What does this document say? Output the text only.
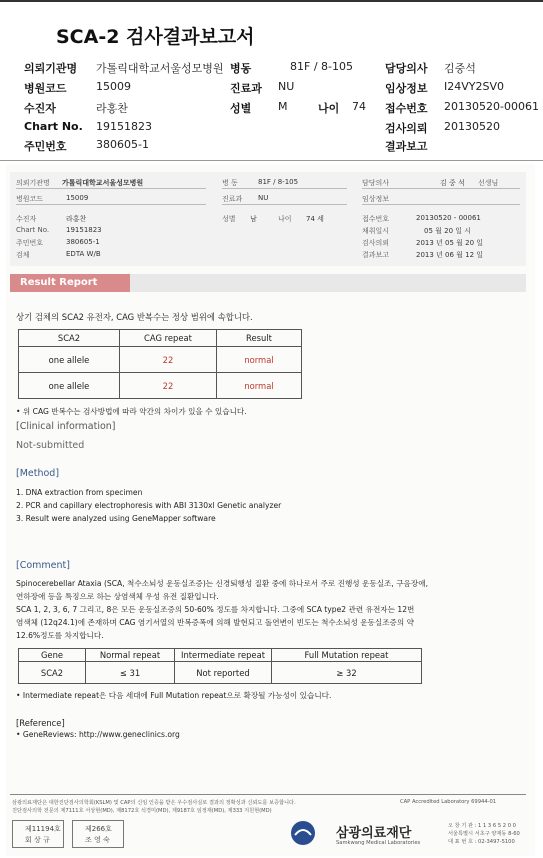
SCA-2 검사결과보고서
의뢰기관명 가톨릭대학교서울성모병원 병동	81F / 8-105	담당의사 김중석
병원코드	15009	진료과 NU	임상정보 I24VY2SV0
수진자	라홍찬	성별 M	나이 74 접수번호 20130520-00061
Chart No. 19151823	검사의뢰 20130520
주민번호	380605-1	결과보고
의뢰기관명 가톨릭대학교서울성모병원	병 동	81F / 8-105	담당의사	김 중 석 선생님
병원코드	15009	진료과 NU	임상정보
수진자	라홍찬	성별 남	나이 74 세	접수번호	20130520 - 00061
Chart No. 19151823	채취일시	05 월 20 일 시
주민번호	380605-1	검사의뢰	2013 년 05 월 20 일
검체	EDTA W/B	결과보고	2013 년 06 월 12 일
Result Report
상기 검체의 SCA2 유전자, CAG 반복수는 정상 범위에 속합니다.
SCA2	CAG repeat	Result
one allele	22	normal
one allele	22	normal
• 위 CAG 반복수는 검사방법에 따라 약간의 차이가 있을 수 있습니다.
[Clinical information]
Not-submitted
[Method]
1. DNA extraction from specimen
2. PCR and capillary electrophoresis with ABI 3130xl Genetic analyzer
3. Result were analyzed using GeneMapper software
[Comment]
Spinocerebellar Ataxia (SCA, 척수소뇌성 운동실조증)는 신경퇴행성 질환 중에 하나로서 주로 진행성 운동실조, 구음장애,
연하장애 등을 특징으로 하는 상염색체 우성 유전 질환입니다.
SCA 1, 2, 3, 6, 7 그리고, 8은 모든 운동실조증의 50-60% 정도를 차지합니다. 그중에 SCA type2 관련 유전자는 12번
염색체 (12q24.1)에 존재하며 CAG 염기서열의 반복증폭에 의해 발현되고 돌연변이 빈도는 척수소뇌성 운동실조증의 약
12.6%정도를 차지합니다.
Gene	Normal repeat	Intermediate repeat	Full Mutation repeat
SCA2	≤ 31	Not reported	≥ 32
• Intermediate repeat은 다음 세대에 Full Mutation repeat으로 확장될 가능성이 있습니다.
[Reference]
• GeneReviews: http://www.geneclinics.org
삼광의료재단은 대한진단검사의학회(KSLM) 및 CAP의 신임 인증을 받은 우수검사실로 결과의 정확성과 신뢰도를 보증합니다.
진단검사의학 전문의 제7111호 서상현(MD), 제8172호 석경미(MD), 제9187호 임정재(MD), 제333 지원현(MD)
CAP Accredited Laboratory 69944-01
제11194호
회 상 규
제266호
조 영 숙	삼광의료재단
Samkwang Medical Laboratories
오 창 기 관 : 1 1 3 6 5 2 0 0
서울특별시 서초구 양재동 8-60
대 표 번 호 : 02-3497-5100
